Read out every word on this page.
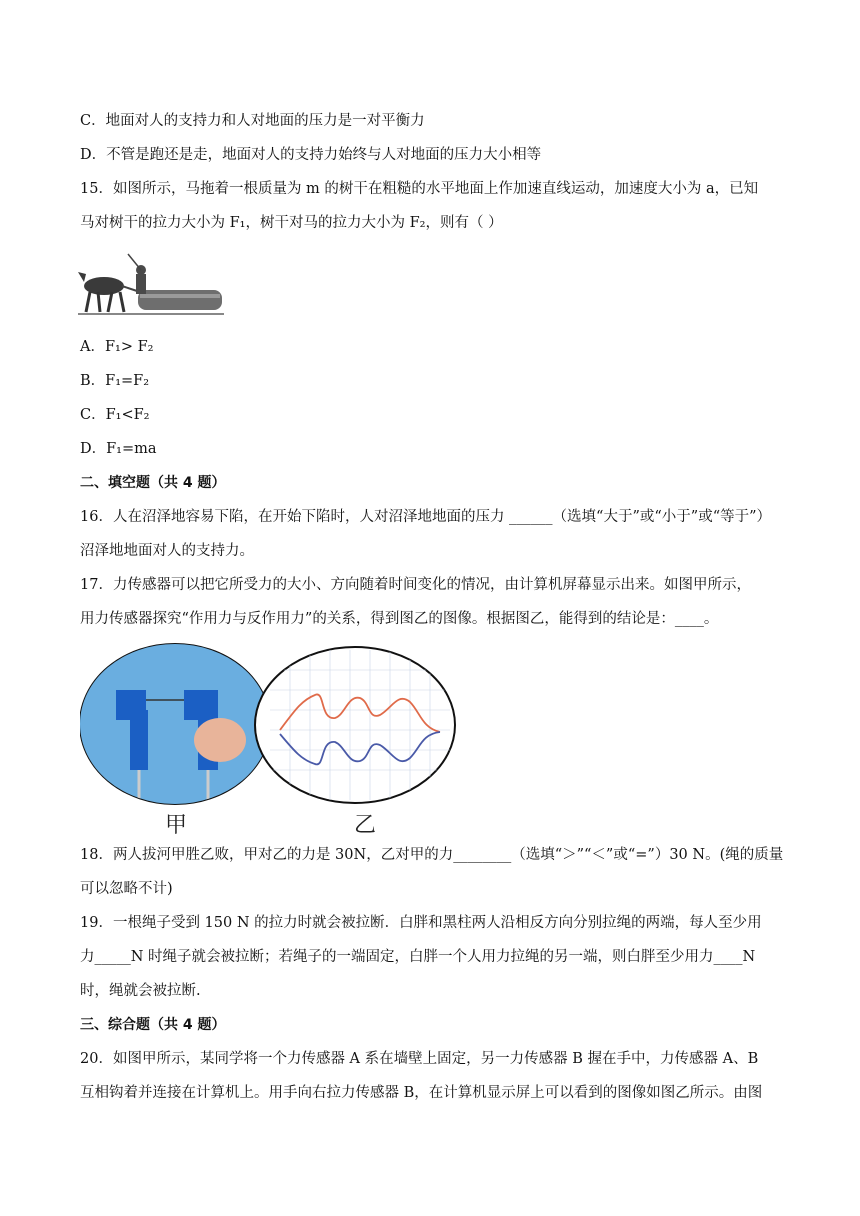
C．地面对人的支持力和人对地面的压力是一对平衡力
D．不管是跑还是走，地面对人的支持力始终与人对地面的压力大小相等
15．如图所示，马拖着一根质量为 m 的树干在粗糙的水平地面上作加速直线运动，加速度大小为 a，已知
马对树干的拉力大小为 F₁，树干对马的拉力大小为 F₂，则有（ ）
A．F₁> F₂
B．F₁=F₂
C．F₁<F₂
D．F₁=ma
二、填空题（共 4 题）
16．人在沼泽地容易下陷，在开始下陷时，人对沼泽地地面的压力 ______（选填“大于”或“小于”或“等于”）
沼泽地地面对人的支持力。
17．力传感器可以把它所受力的大小、方向随着时间变化的情况，由计算机屏幕显示出来。如图甲所示，
用力传感器探究“作用力与反作用力”的关系，得到图乙的图像。根据图乙，能得到的结论是：____。
甲	乙
18．两人拔河甲胜乙败，甲对乙的力是 30N，乙对甲的力________（选填“＞”“＜”或“=”）30 N。(绳的质量
可以忽略不计)
19．一根绳子受到 150 N 的拉力时就会被拉断．白胖和黑柱两人沿相反方向分别拉绳的两端，每人至少用
力_____N 时绳子就会被拉断；若绳子的一端固定，白胖一个人用力拉绳的另一端，则白胖至少用力____N
时，绳就会被拉断.
三、综合题（共 4 题）
20．如图甲所示，某同学将一个力传感器 A 系在墙壁上固定，另一力传感器 B 握在手中，力传感器 A、B
互相钩着并连接在计算机上。用手向右拉力传感器 B，在计算机显示屏上可以看到的图像如图乙所示。由图
